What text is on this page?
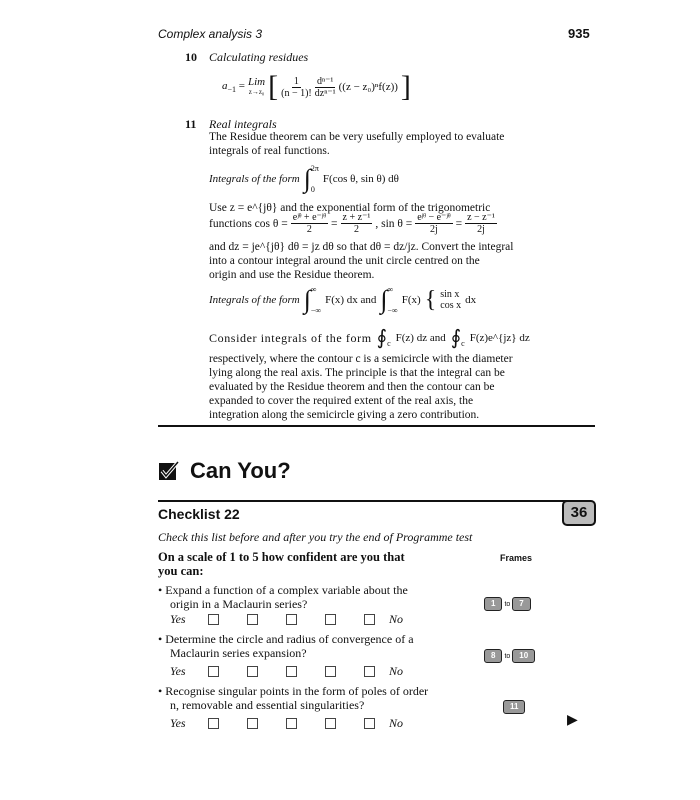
Complex analysis 3	935
10 Calculating residues
$a_{-1}$ = Lim
z→z₀ [ $\frac{1}{(n - 1)!} \frac{\text{dⁿ⁻¹}}{\text{dzⁿ⁻¹}} ((z - z_0)^nf(z))$ ]
11 Real integrals
The Residue theorem can be very usefully employed to evaluate
integrals of real functions.
Integrals of the form ∫ 2π
0
F(cos θ, sin θ) dθ
Use z = e^{jθ} and the exponential form of the trigonometric
functions $\cos \theta = \frac{\text{eʲᶿ + e⁻ʲᶿ}}{2} = \frac{\text{z + z⁻¹}}{2}$ , $\sin \theta = \frac{\text{eʲᶿ − e⁻ʲᶿ}}{2j} = \frac{\text{z − z⁻¹}}{2j}$
and dz = je^{jθ} dθ = jz dθ so that dθ = dz/jz. Convert the integral
into a contour integral around the unit circle centred on the
origin and use the Residue theorem.
Integrals of the form ∫ ∞
−∞
F(x) dx and ∫ ∞
−∞
F(x) { sin x
cos x dx
Consider integrals of the form $∮_c$ F(z) dz and $∮_c$ F(z)e^{jz} dz
respectively, where the contour c is a semicircle with the diameter
lying along the real axis. The principle is that the integral can be
evaluated by the Residue theorem and then the contour can be
expanded to cover the required extent of the real axis, the
integration along the semicircle giving a zero contribution.
Can You?
Checklist 22	36
Check this list before and after you try the end of Programme test
On a scale of 1 to 5 how confident are you that
you can:
Frames
• Expand a function of a complex variable about the
origin in a Maclaurin series?	1	to	7
Yes	No
• Determine the circle and radius of convergence of a
Maclaurin series expansion?	8	to	10
Yes	No
• Recognise singular points in the form of poles of order
n, removable and essential singularities?	11
Yes	No	▶
